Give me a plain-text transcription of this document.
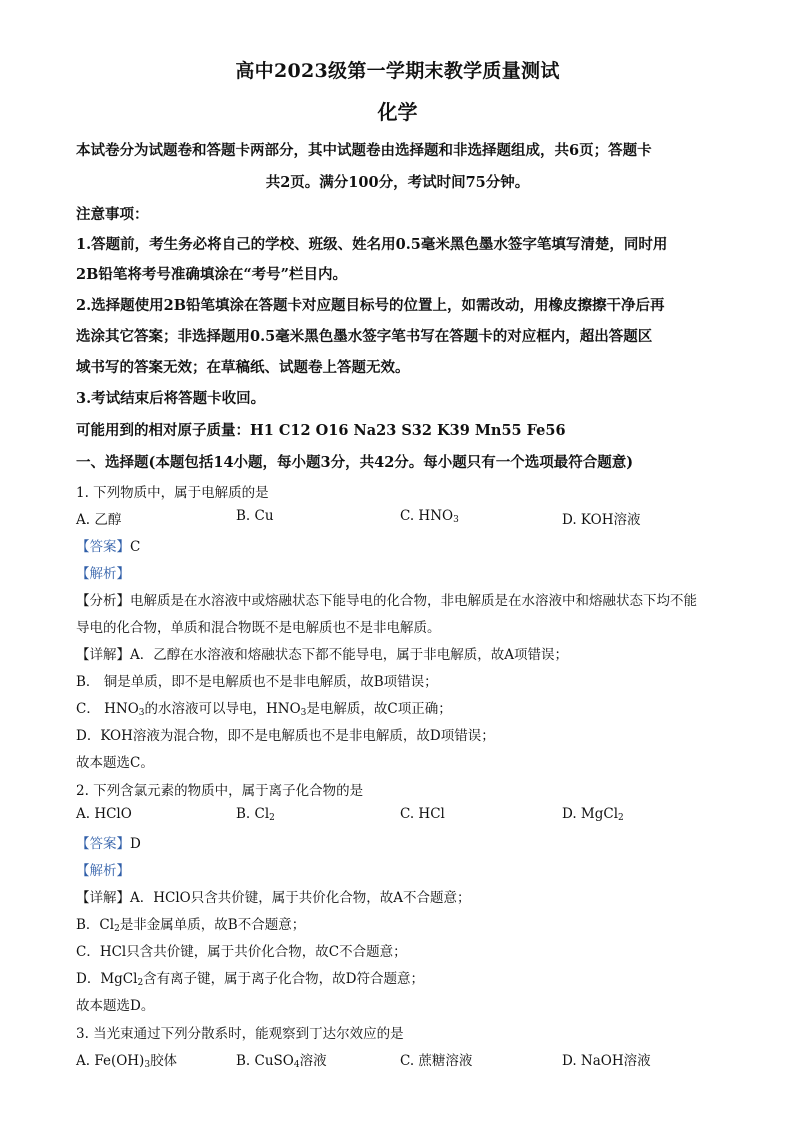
高中2023级第一学期末教学质量测试
化学
本试卷分为试题卷和答题卡两部分，其中试题卷由选择题和非选择题组成，共6页；答题卡
共2页。满分100分，考试时间75分钟。
注意事项：
1.答题前，考生务必将自己的学校、班级、姓名用0.5毫米黑色墨水签字笔填写清楚，同时用
2B铅笔将考号准确填涂在“考号”栏目内。
2.选择题使用2B铅笔填涂在答题卡对应题目标号的位置上，如需改动，用橡皮擦擦干净后再
选涂其它答案；非选择题用0.5毫米黑色墨水签字笔书写在答题卡的对应框内，超出答题区
域书写的答案无效；在草稿纸、试题卷上答题无效。
3.考试结束后将答题卡收回。
可能用到的相对原子质量：H1 C12 O16 Na23 S32 K39 Mn55 Fe56
一、选择题(本题包括14小题，每小题3分，共42分。每小题只有一个选项最符合题意)
1. 下列物质中，属于电解质的是
A. 乙醇	B. Cu	C. $HNO_3$	D. KOH溶液
【答案】C
【解析】
【分析】电解质是在水溶液中或熔融状态下能导电的化合物，非电解质是在水溶液中和熔融状态下均不能
导电的化合物，单质和混合物既不是电解质也不是非电解质。
【详解】A．乙醇在水溶液和熔融状态下都不能导电，属于非电解质，故A项错误；
B． 铜是单质，即不是电解质也不是非电解质，故B项错误；
C． $HNO_3$的水溶液可以导电，$HNO_3$是电解质，故C项正确；
D．KOH溶液为混合物，即不是电解质也不是非电解质，故D项错误；
故本题选C。
2. 下列含氯元素的物质中，属于离子化合物的是
A. HClO	B. $Cl_2$	C. HCl	D. MgCl$_2$
【答案】D
【解析】
【详解】A．HClO只含共价键，属于共价化合物，故A不合题意；
B．$Cl_2$是非金属单质，故B不合题意；
C．HCl只含共价键，属于共价化合物，故C不合题意；
D．MgCl$_2$含有离子键，属于离子化合物，故D符合题意；
故本题选D。
3. 当光束通过下列分散系时，能观察到丁达尔效应的是
A. $Fe(OH)_3$胶体	B. CuSO$_4$溶液	C. 蔗糖溶液	D. NaOH溶液
